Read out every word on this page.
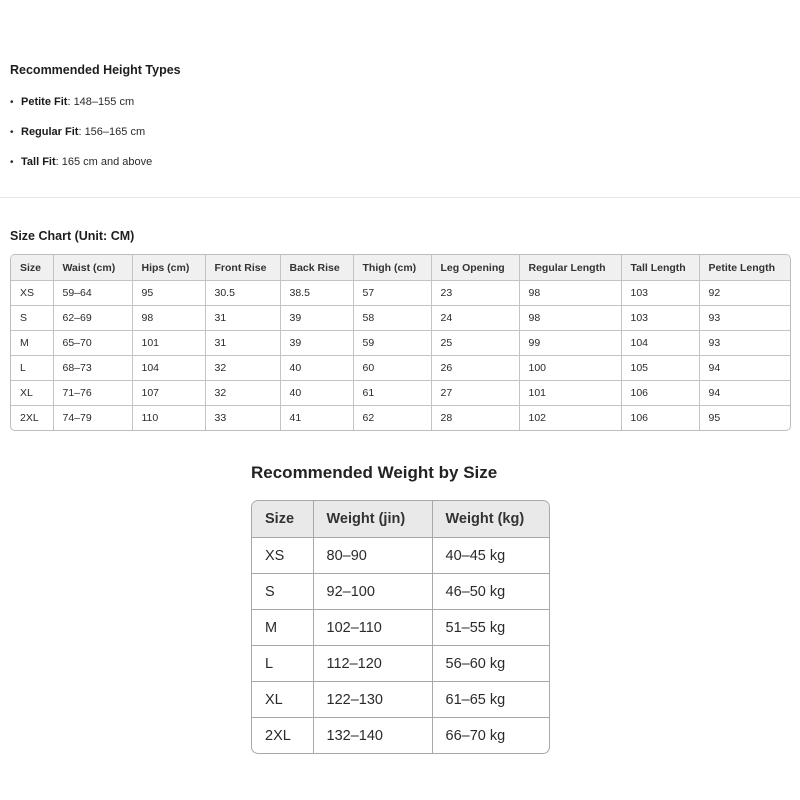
Recommended Height Types
• Petite Fit: 148–155 cm
• Regular Fit: 156–165 cm
• Tall Fit: 165 cm and above
Size Chart (Unit: CM)
Size	Waist (cm)	Hips (cm)	Front Rise	Back Rise	Thigh (cm)	Leg Opening	Regular Length	Tall Length	Petite Length
XS	59–64	95	30.5	38.5	57	23	98	103	92
S	62–69	98	31	39	58	24	98	103	93
M	65–70	101	31	39	59	25	99	104	93
L	68–73	104	32	40	60	26	100	105	94
XL	71–76	107	32	40	61	27	101	106	94
2XL	74–79	110	33	41	62	28	102	106	95
Recommended Weight by Size
Size	Weight (jin)	Weight (kg)
XS	80–90	40–45 kg
S	92–100	46–50 kg
M	102–110	51–55 kg
L	112–120	56–60 kg
XL	122–130	61–65 kg
2XL	132–140	66–70 kg
